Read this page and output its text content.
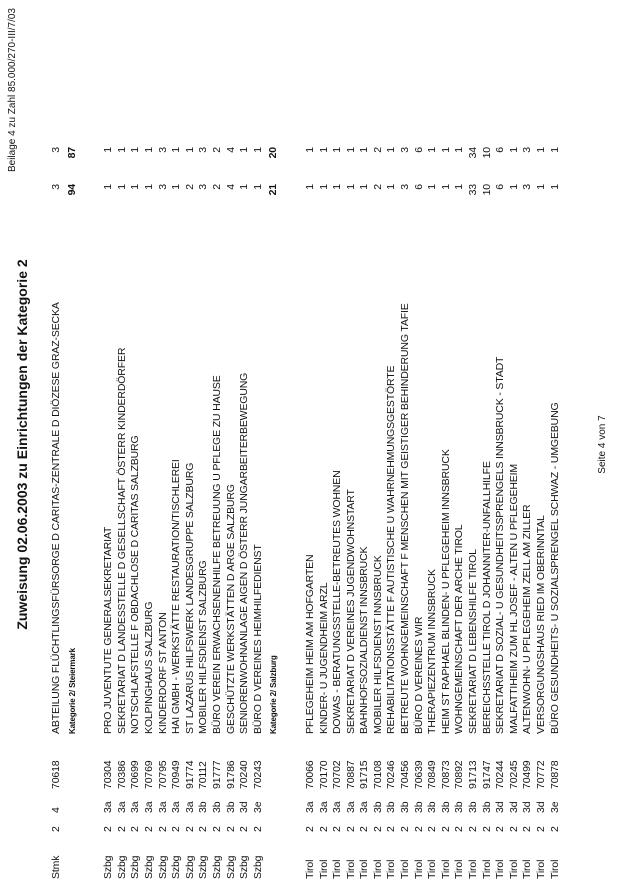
Beilage 4 zu Zahl 85.000/270-III/7/03
Zuweisung 02.06.2003 zu Einrichtungen der Kategorie 2
Stmk
2
4
70618
ABTEILUNG FLÜCHTLINGSFÜRSORGE D CARITAS-ZENTRALE D DIÖZESE GRAZ-SECKA
3
3
Kategorie 2/ Steiermark
94
87
Szbg
2
3a
70304
PRO JUVENTUTE GENERALSEKRETARIAT
1
1
Szbg
2
3a
70386
SEKRETARIAT D LANDESSTELLE D GESELLSCHAFT ÖSTERR KINDERDÖRFER
1
1
Szbg
2
3a
70699
NOTSCHLAFSTELLE F OBDACHLOSE D CARITAS SALZBURG
1
1
Szbg
2
3a
70769
KOLPINGHAUS SALZBURG
1
1
Szbg
2
3a
70795
KINDERDORF ST ANTON
3
3
Szbg
2
3a
70949
HAI GMBH - WERKSTÄTTE RESTAURATION/TISCHLEREI
1
1
Szbg
2
3a
91774
ST LAZARUS HILFSWERK LANDESGRUPPE SALZBURG
2
1
Szbg
2
3b
70112
MOBILER HILFSDIENST SALZBURG
3
3
Szbg
2
3b
91777
BÜRO VEREIN ERWACHSENENHILFE BETREUUNG U PFLEGE ZU HAUSE
2
2
Szbg
2
3b
91786
GESCHÜTZTE WERKSTÄTTEN D ARGE SALZBURG
4
4
Szbg
2
3d
70240
SENIORENWOHNANLAGE AIGEN D ÖSTERR JUNGARBEITERBEWEGUNG
1
1
Szbg
2
3e
70243
BÜRO D VEREINES HEIMHILFEDIENST
1
1
Kategorie 2/ Salzburg
21
20
Tirol
2
3a
70066
PFLEGEHEIM HEIM AM HOFGARTEN
1
1
Tirol
2
3a
70170
KINDER- U JUGENDHEIM ARZL
1
1
Tirol
2
3a
70702
DOWAS - BERATUNGSSTELLE-BETREUTES WOHNEN
1
1
Tirol
2
3a
70887
SEKRETARIAT D VEREINES JUGENDWOHNSTART
1
1
Tirol
2
3a
91715
BAHNHOFSOZIALDIENST INNSBRUCK
1
1
Tirol
2
3b
70108
MOBILER HILFSDIENST INNSBRUCK
2
2
Tirol
2
3b
70246
REHABILITATIONSSTÄTTE F AUTISTISCHE U WAHRNEHMUNGSGESTÖRTE
1
1
Tirol
2
3b
70456
BETREUTE WOHNGEMEINSCHAFT F MENSCHEN MIT GEISTIGER BEHINDERUNG TAFIE
3
3
Tirol
2
3b
70639
BÜRO D VEREINES WIR
6
6
Tirol
2
3b
70849
THERAPIEZENTRUM INNSBRUCK
1
1
Tirol
2
3b
70873
HEIM ST RAPHAEL BLINDEN- U PFLEGEHEIM INNSBRUCK
1
1
Tirol
2
3b
70892
WOHNGEMEINSCHAFT DER ARCHE TIROL
1
1
Tirol
2
3b
91713
SEKRETARIAT D LEBENSHILFE TIROL
33
34
Tirol
2
3b
91747
BEREICHSSTELLE TIROL D JOHANNITER-UNFALLHILFE
10
10
Tirol
2
3d
70244
SEKRETARIAT D SOZIAL- U GESUNDHEITSSPRENGELS INNSBRUCK - STADT
6
6
Tirol
2
3d
70245
MALFATTIHEIM ZUM HL JOSEF - ALTEN U PFLEGEHEIM
1
1
Tirol
2
3d
70499
ALTENWOHN- U PFLEGEHEIM ZELL AM ZILLER
3
3
Tirol
2
3d
70772
VERSORGUNGSHAUS RIED IM OBERINNTAL
1
1
Tirol
2
3e
70878
BÜRO GESUNDHEITS- U SOZIALSPRENGEL SCHWAZ - UMGEBUNG
1
1
Seite 4 von 7
